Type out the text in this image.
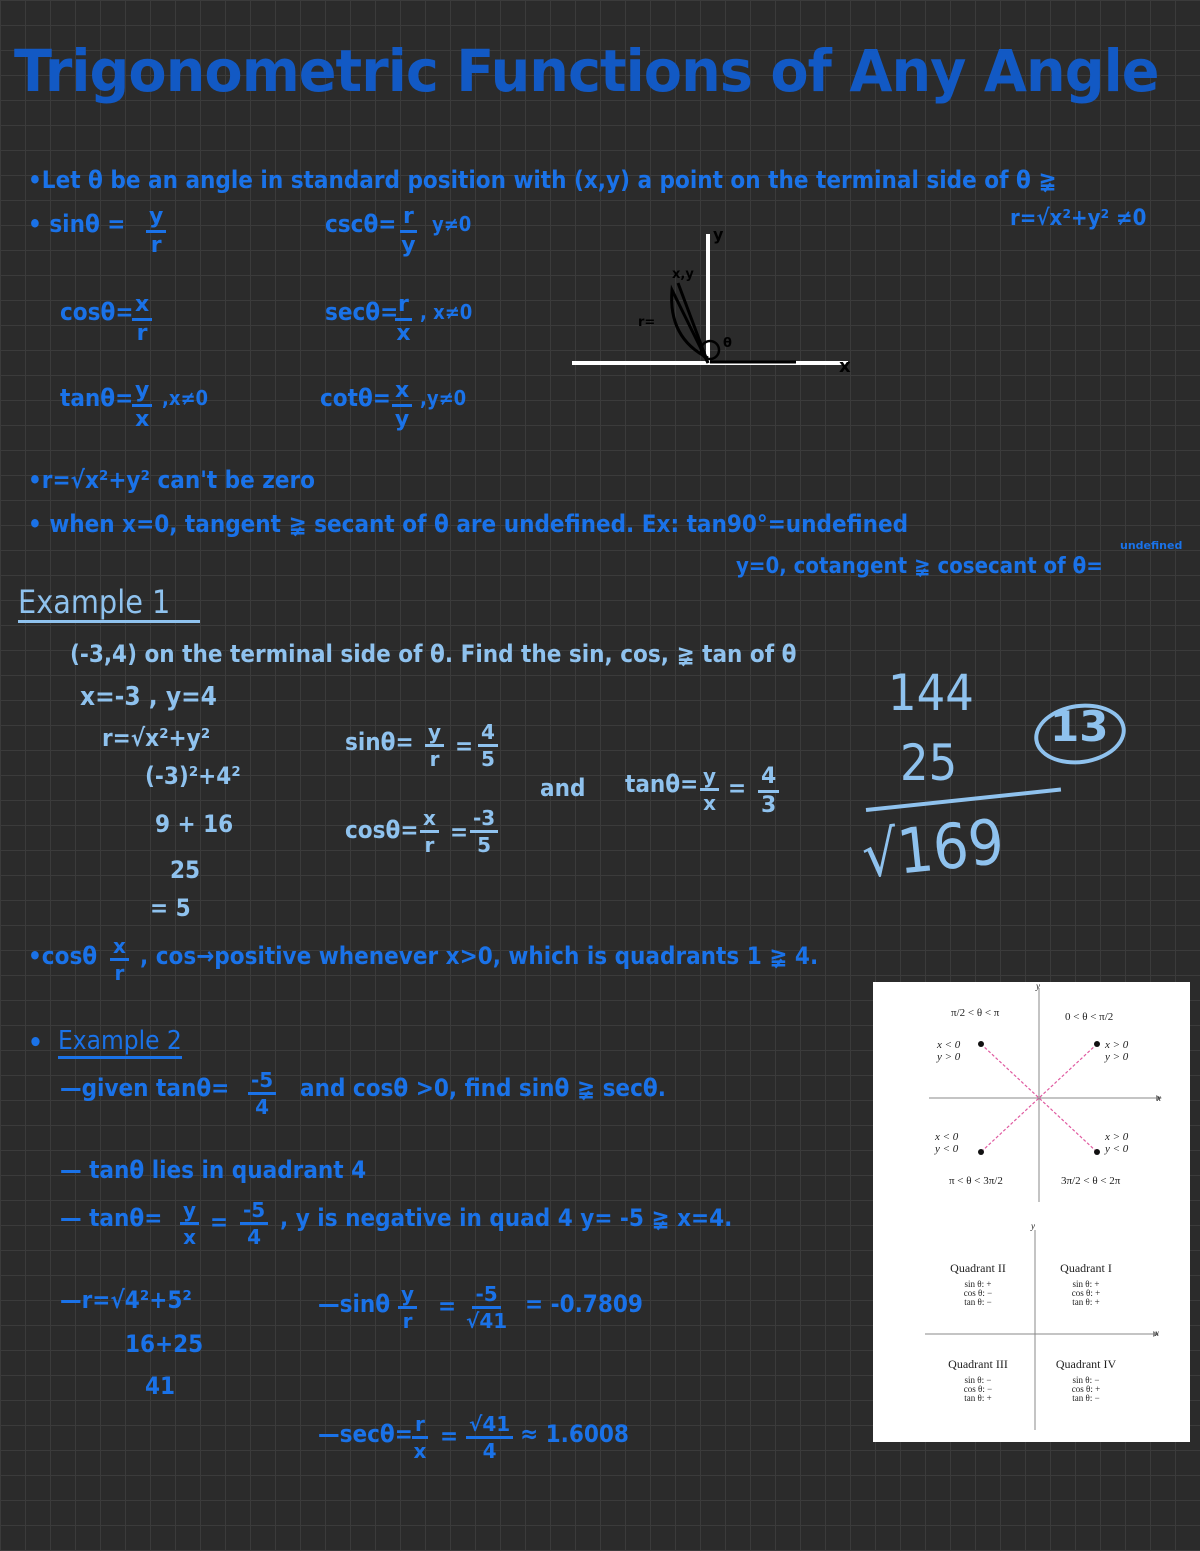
Trigonometric Functions of Any Angle
•Let θ be an angle in standard position with (x,y) a point on the terminal side of θ ≩
r=√x²+y² ≠0
• $\sin\theta = \frac{y}{r}$	$\csc\theta= \frac{r}{y} y\ne 0$
cosθ=
$\frac{x}{r}$	secθ=
$\frac{r}{x}$ , x≠0
tanθ=
$\frac{y}{x} ,x\ne 0$	$\cot\theta= \frac{x}{y} ,y\ne 0$
y
x
x,y
r=
θ
•r=√x²+y² can't be zero
• when x=0, tangent ≩ secant of θ are undefined. Ex: tan90°=undefined
y=0, cotangent ≩ cosecant of θ=
undefined
Example 1
(-3,4) on the terminal side of θ. Find the sin, cos, ≩ tan of θ
x=-3 , y=4
r=√x²+y²
(-3)²+4²
9 + 16
25
= 5
$\sin\theta= \frac{y}{r} = \frac{4}{5}$
$\cos\theta= \frac{x}{r} = \frac{-3}{5}$
and $\tan\theta= \frac{y}{x} = \frac{4}{3}$
144
25
√169
13
•cosθ $\frac{x}{r}$ , cos→positive whenever x>0, which is quadrants 1 ≩ 4.
• Example 2
—given $\tan\theta= \frac{-5}{4}$ and cosθ >0, find sinθ ≩ secθ.
— tanθ lies in quadrant 4
— $\tan\theta= \frac{y}{x} = \frac{-5}{4}$ , y is negative in quad 4 y= -5 ≩ x=4.
—r=√4²+5²
16+25
41
—sinθ $\frac{y}{r} = \frac{-5}{√41} = -0.7809$
—secθ= $\frac{r}{x} = \frac{√41}{4} \approx 1.6008$
y
x
π/2 < θ < π
x < 0
y > 0
0 < θ < π/2
x > 0
y > 0
x < 0
y < 0
π < θ < 3π/2
x > 0
y < 0
3π/2 < θ < 2π
y
x
Quadrant II
sin θ: +
cos θ: −
tan θ: −
Quadrant I
sin θ: +
cos θ: +
tan θ: +
Quadrant III
sin θ: −
cos θ: −
tan θ: +
Quadrant IV
sin θ: −
cos θ: +
tan θ: −
